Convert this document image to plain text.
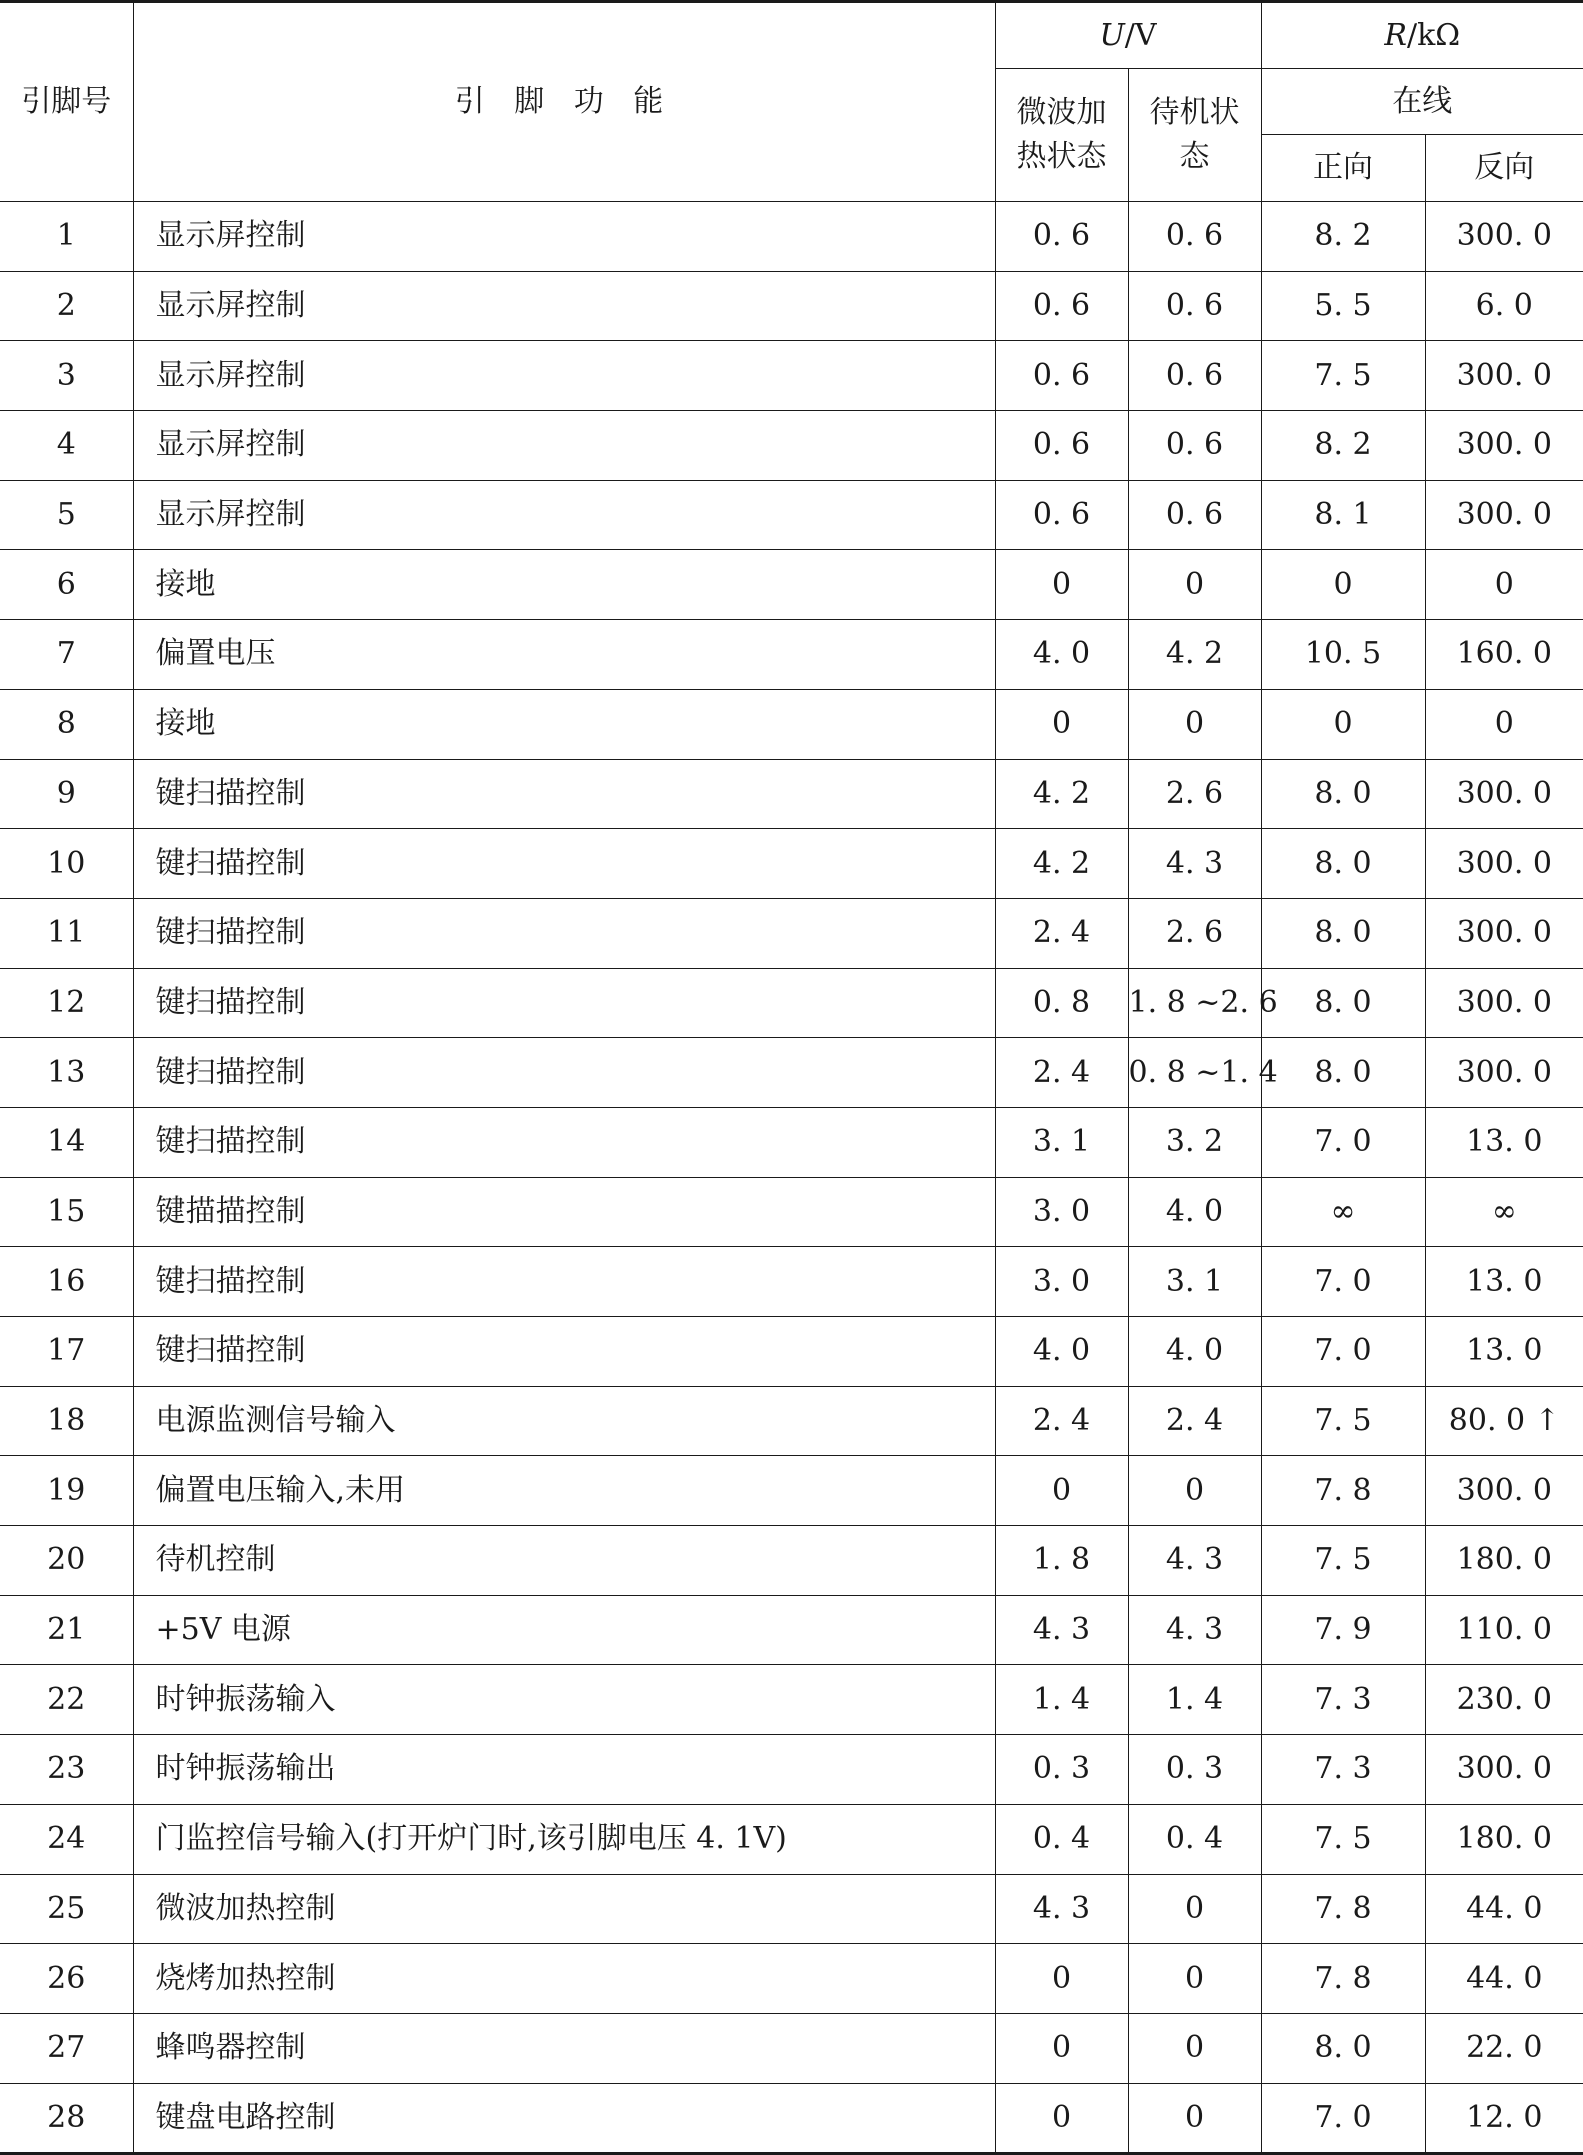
引脚号	引 脚 功 能	U/V		R/kΩ	
		微波加热状态	待机状态	在线	
				正向	反向
1	显示屏控制	0. 6	0. 6	8. 2	300. 0
2	显示屏控制	0. 6	0. 6	5. 5	6. 0
3	显示屏控制	0. 6	0. 6	7. 5	300. 0
4	显示屏控制	0. 6	0. 6	8. 2	300. 0
5	显示屏控制	0. 6	0. 6	8. 1	300. 0
6	接地	0	0	0	0
7	偏置电压	4. 0	4. 2	10. 5	160. 0
8	接地	0	0	0	0
9	键扫描控制	4. 2	2. 6	8. 0	300. 0
10	键扫描控制	4. 2	4. 3	8. 0	300. 0
11	键扫描控制	2. 4	2. 6	8. 0	300. 0
12	键扫描控制	0. 8	1. 8 ~2. 6	8. 0	300. 0
13	键扫描控制	2. 4	0. 8 ~1. 4	8. 0	300. 0
14	键扫描控制	3. 1	3. 2	7. 0	13. 0
15	键描描控制	3. 0	4. 0	∞	∞
16	键扫描控制	3. 0	3. 1	7. 0	13. 0
17	键扫描控制	4. 0	4. 0	7. 0	13. 0
18	电源监测信号输入	2. 4	2. 4	7. 5	80. 0 ↑
19	偏置电压输入,未用	0	0	7. 8	300. 0
20	待机控制	1. 8	4. 3	7. 5	180. 0
21	+5V 电源	4. 3	4. 3	7. 9	110. 0
22	时钟振荡输入	1. 4	1. 4	7. 3	230. 0
23	时钟振荡输出	0. 3	0. 3	7. 3	300. 0
24	门监控信号输入(打开炉门时,该引脚电压 4. 1V)	0. 4	0. 4	7. 5	180. 0
25	微波加热控制	4. 3	0	7. 8	44. 0
26	烧烤加热控制	0	0	7. 8	44. 0
27	蜂鸣器控制	0	0	8. 0	22. 0
28	键盘电路控制	0	0	7. 0	12. 0
